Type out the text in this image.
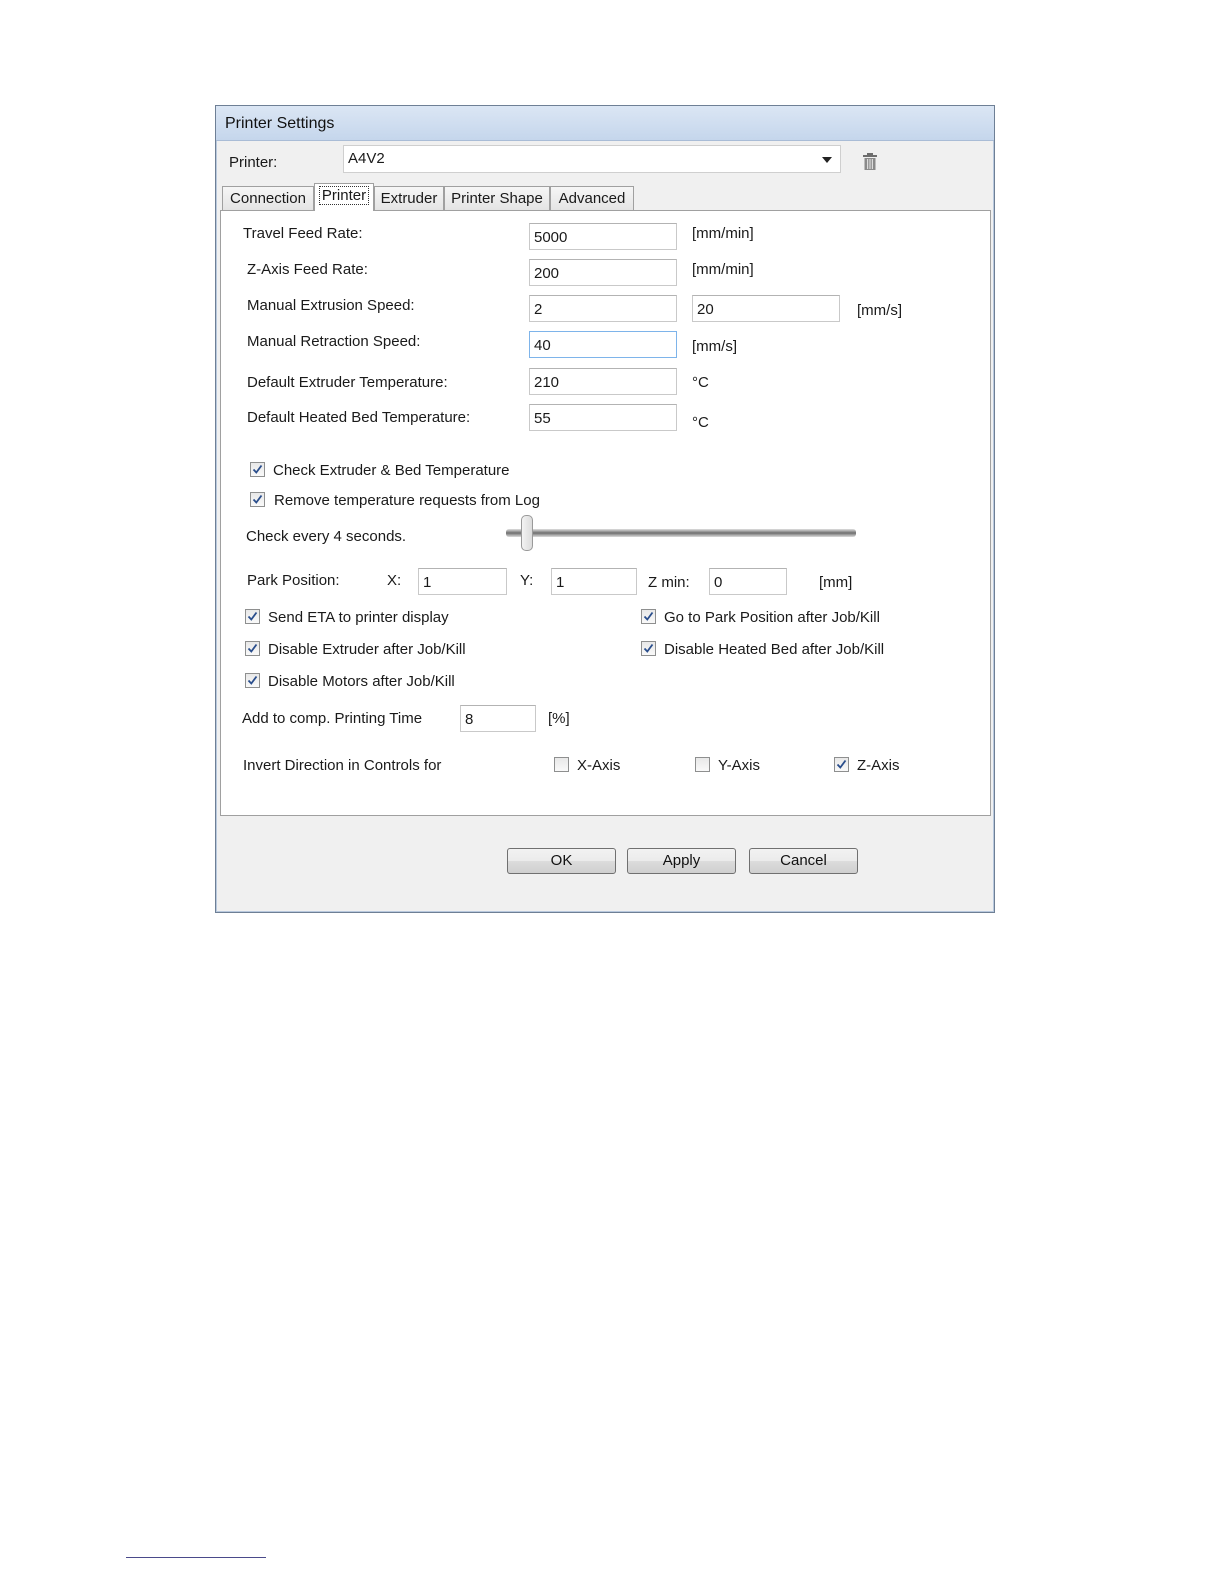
Printer Settings
Printer:	A4V2
Connection	Printer Extruder Printer Shape	Advanced
Travel Feed Rate:	5000	[mm/min]
Z-Axis Feed Rate:	200	[mm/min]
Manual Extrusion Speed:	2	20	[mm/s]
Manual Retraction Speed:	40	[mm/s]
Default Extruder Temperature:	210	°C
Default Heated Bed Temperature:	55	°C
Check Extruder & Bed Temperature
Remove temperature requests from Log
Check every 4 seconds.
Park Position:	X:	1	Y:	1	Z min:	0	[mm]
Send ETA to printer display	Go to Park Position after Job/Kill
Disable Extruder after Job/Kill	Disable Heated Bed after Job/Kill
Disable Motors after Job/Kill
Add to comp. Printing Time	8	[%]
Invert Direction in Controls for	X-Axis	Y-Axis	Z-Axis
OK	Apply	Cancel
